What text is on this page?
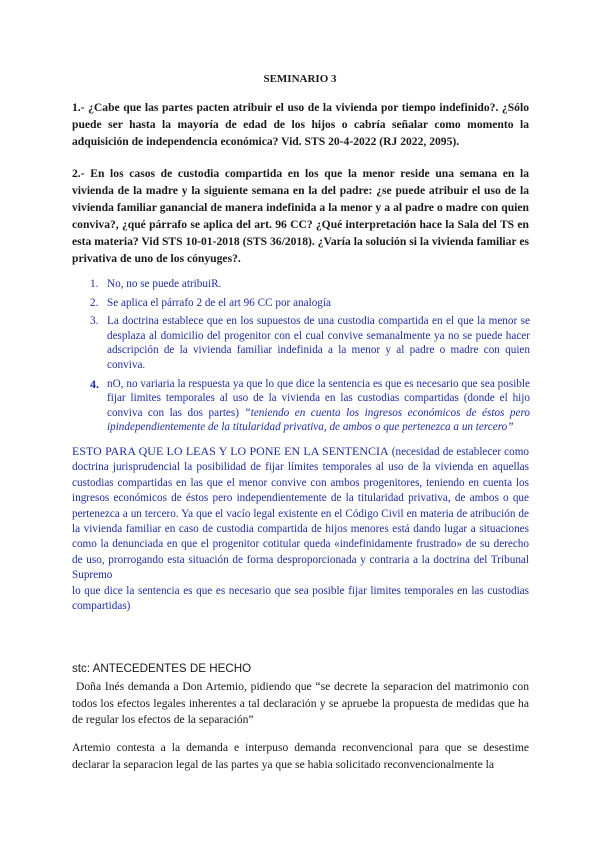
SEMINARIO 3
1.- ¿Cabe que las partes pacten atribuir el uso de la vivienda por tiempo indefinido?. ¿Sólo puede ser hasta la mayoría de edad de los hijos o cabría señalar como momento la adquisición de independencia económica? Vid. STS 20-4-2022 (RJ 2022, 2095).
2.- En los casos de custodia compartida en los que la menor reside una semana en la vivienda de la madre y la siguiente semana en la del padre: ¿se puede atribuir el uso de la vivienda familiar ganancial de manera indefinida a la menor y a al padre o madre con quien conviva?, ¿qué párrafo se aplica del art. 96 CC? ¿Qué interpretación hace la Sala del TS en esta materia? Vid STS 10-01-2018 (STS 36/2018). ¿Varía la solución si la vivienda familiar es privativa de uno de los cónyuges?.
1. No, no se puede atribuiR.
2. Se aplica el párrafo 2 de el art 96 CC por analogía
3. La doctrina establece que en los supuestos de una custodia compartida en el que la menor se desplaza al domicilio del progenitor con el cual convive semanalmente ya no se puede hacer adscripción de la vivienda familiar indefinida a la menor y al padre o madre con quien conviva.
4. nO, no variaria la respuesta ya que lo que dice la sentencia es que es necesario que sea posible fijar limites temporales al uso de la vivienda en las custodias compartidas (donde el hijo conviva con las dos partes) “teniendo en cuenta los ingresos económicos de éstos pero ipindependientemente de la titularidad privativa, de ambos o que pertenezca a un tercero”

ESTO PARA QUE LO LEAS Y LO PONE EN LA SENTENCIA (necesidad de establecer como doctrina jurisprudencial la posibilidad de fijar límites temporales al uso de la vivienda en aquellas custodias compartidas en las que el menor convive con ambos progenitores, teniendo en cuenta los ingresos económicos de éstos pero independientemente de la titularidad privativa, de ambos o que pertenezca a un tercero. Ya que el vacío legal existente en el Código Civil en materia de atribución de la vivienda familiar en caso de custodia compartida de hijos menores está dando lugar a situaciones como la denunciada en que el progenitor cotitular queda «indefinidamente frustrado» de su derecho de uso, prorrogando esta situación de forma desproporcionada y contraria a la doctrina del Tribunal Supremo

lo que dice la sentencia es que es necesario que sea posible fijar limites temporales en las custodias compartidas)

stc: ANTECEDENTES DE HECHO
Doña Inés demanda a Don Artemio, pidiendo que “se decrete la separacion del matrimonio con todos los efectos legales inherentes a tal declaración y se apruebe la propuesta de medidas que ha de regular los efectos de la separación”
Artemio contesta a la demanda e interpuso demanda reconvencional para que se desestime declarar la separacion legal de las partes ya que se habia solicitado reconvencionalmente la
